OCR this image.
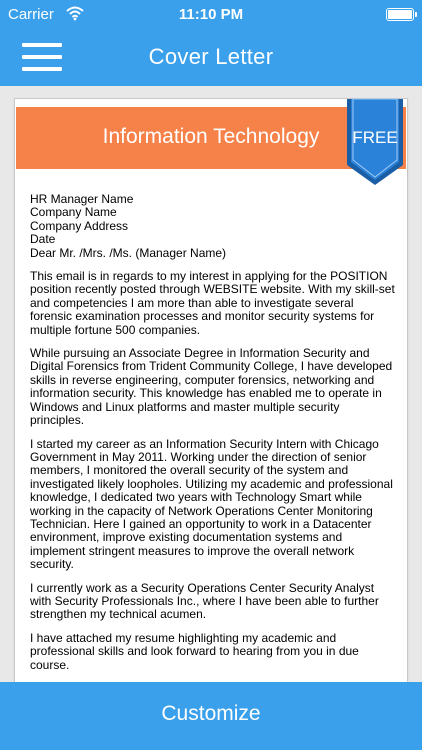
Carrier	11:10 PM
Cover Letter
Information Technology	FREE

HR Manager Name
Company Name
Company Address
Date
Dear Mr. /Mrs. /Ms. (Manager Name)

This email is in regards to my interest in applying for the POSITION position recently posted through WEBSITE website. With my skill-set and competencies I am more than able to investigate several forensic examination processes and monitor security systems for multiple fortune 500 companies.

While pursuing an Associate Degree in Information Security and Digital Forensics from Trident Community College, I have developed skills in reverse engineering, computer forensics, networking and information security. This knowledge has enabled me to operate in Windows and Linux platforms and master multiple security principles.

I started my career as an Information Security Intern with Chicago Government in May 2011. Working under the direction of senior members, I monitored the overall security of the system and investigated likely loopholes. Utilizing my academic and professional knowledge, I dedicated two years with Technology Smart while working in the capacity of Network Operations Center Monitoring Technician. Here I gained an opportunity to work in a Datacenter environment, improve existing documentation systems and implement stringent measures to improve the overall network security.

I currently work as a Security Operations Center Security Analyst with Security Professionals Inc., where I have been able to further strengthen my technical acumen.

I have attached my resume highlighting my academic and professional skills and look forward to hearing from you in due course.

Customize
